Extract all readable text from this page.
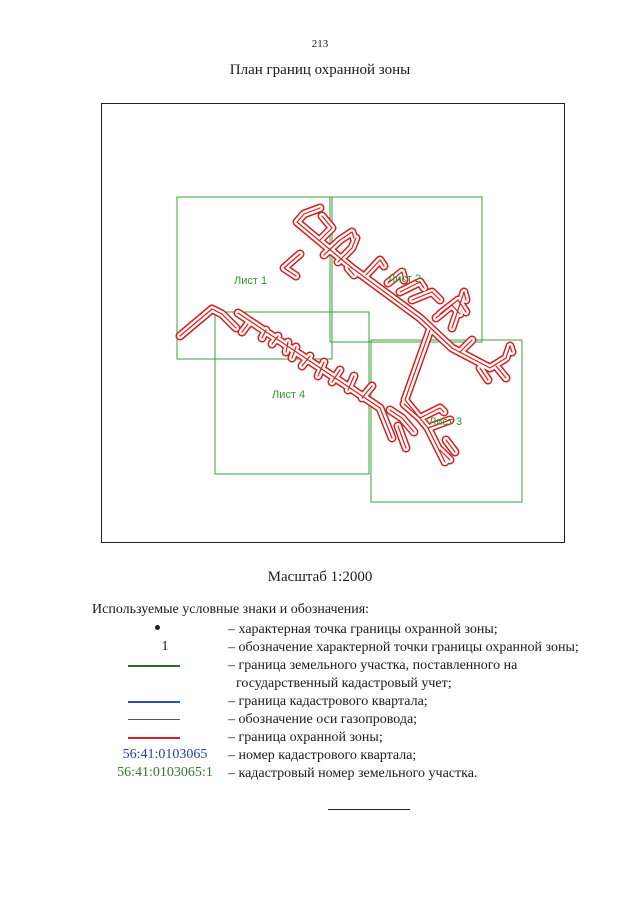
213
План границ охранной зоны
Лист 1	Лист 2
Лист 3
Лист 4
Масштаб 1:2000
Используемые условные знаки и обозначения:
– характерная точка границы охранной зоны;
1	– обозначение характерной точки границы охранной зоны;
– граница земельного участка, поставленного на
государственный кадастровый учет;
– граница кадастрового квартала;
– обозначение оси газопровода;
– граница охранной зоны;
56:41:0103065	– номер кадастрового квартала;
56:41:0103065:1	– кадастровый номер земельного участка.
